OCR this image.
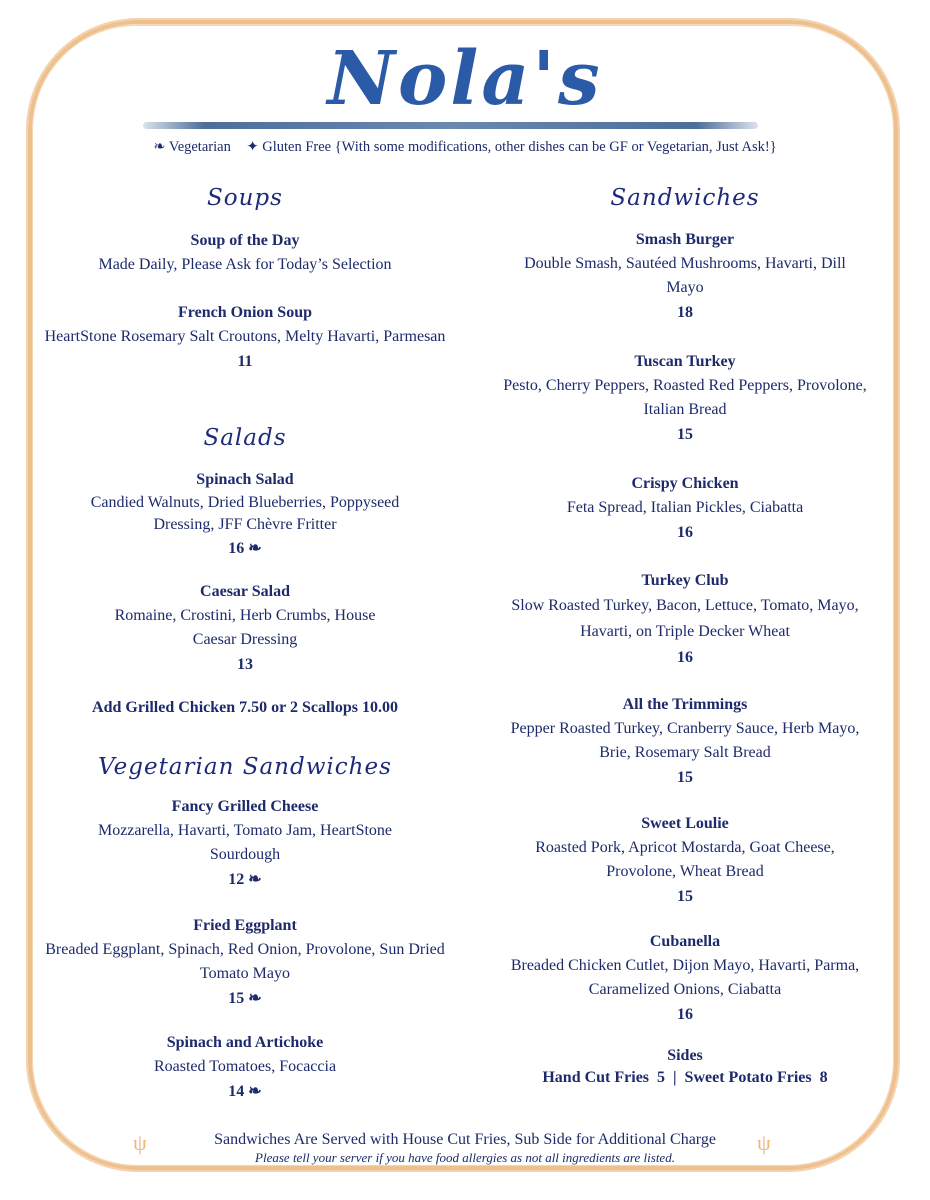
Nola's
❧ Vegetarian ✦ Gluten Free {With some modifications, other dishes can be GF or Vegetarian, Just Ask!}
Soups
Soup of the Day
Made Daily, Please Ask for Today’s Selection
French Onion Soup
HeartStone Rosemary Salt Croutons, Melty Havarti, Parmesan
11
Salads
Spinach Salad
Candied Walnuts, Dried Blueberries, Poppyseed Dressing, JFF Chèvre Fritter
16 ❧
Caesar Salad
Romaine, Crostini, Herb Crumbs, House Caesar Dressing
13
Add Grilled Chicken 7.50 or 2 Scallops 10.00
Vegetarian Sandwiches
Fancy Grilled Cheese
Mozzarella, Havarti, Tomato Jam, HeartStone Sourdough
12 ❧
Fried Eggplant
Breaded Eggplant, Spinach, Red Onion, Provolone, Sun Dried Tomato Mayo
15 ❧
Spinach and Artichoke
Roasted Tomatoes, Focaccia
14 ❧
Sandwiches
Smash Burger
Double Smash, Sautéed Mushrooms, Havarti, Dill Mayo
18
Tuscan Turkey
Pesto, Cherry Peppers, Roasted Red Peppers, Provolone, Italian Bread
15
Crispy Chicken
Feta Spread, Italian Pickles, Ciabatta
16
Turkey Club
Slow Roasted Turkey, Bacon, Lettuce, Tomato, Mayo, Havarti, on Triple Decker Wheat
16
All the Trimmings
Pepper Roasted Turkey, Cranberry Sauce, Herb Mayo, Brie, Rosemary Salt Bread
15
Sweet Loulie
Roasted Pork, Apricot Mostarda, Goat Cheese, Provolone, Wheat Bread
15
Cubanella
Breaded Chicken Cutlet, Dijon Mayo, Havarti, Parma, Caramelized Onions, Ciabatta
16
Sides
Hand Cut Fries  5  |  Sweet Potato Fries  8
ψ	ψ
Sandwiches Are Served with House Cut Fries, Sub Side for Additional Charge
Please tell your server if you have food allergies as not all ingredients are listed.
